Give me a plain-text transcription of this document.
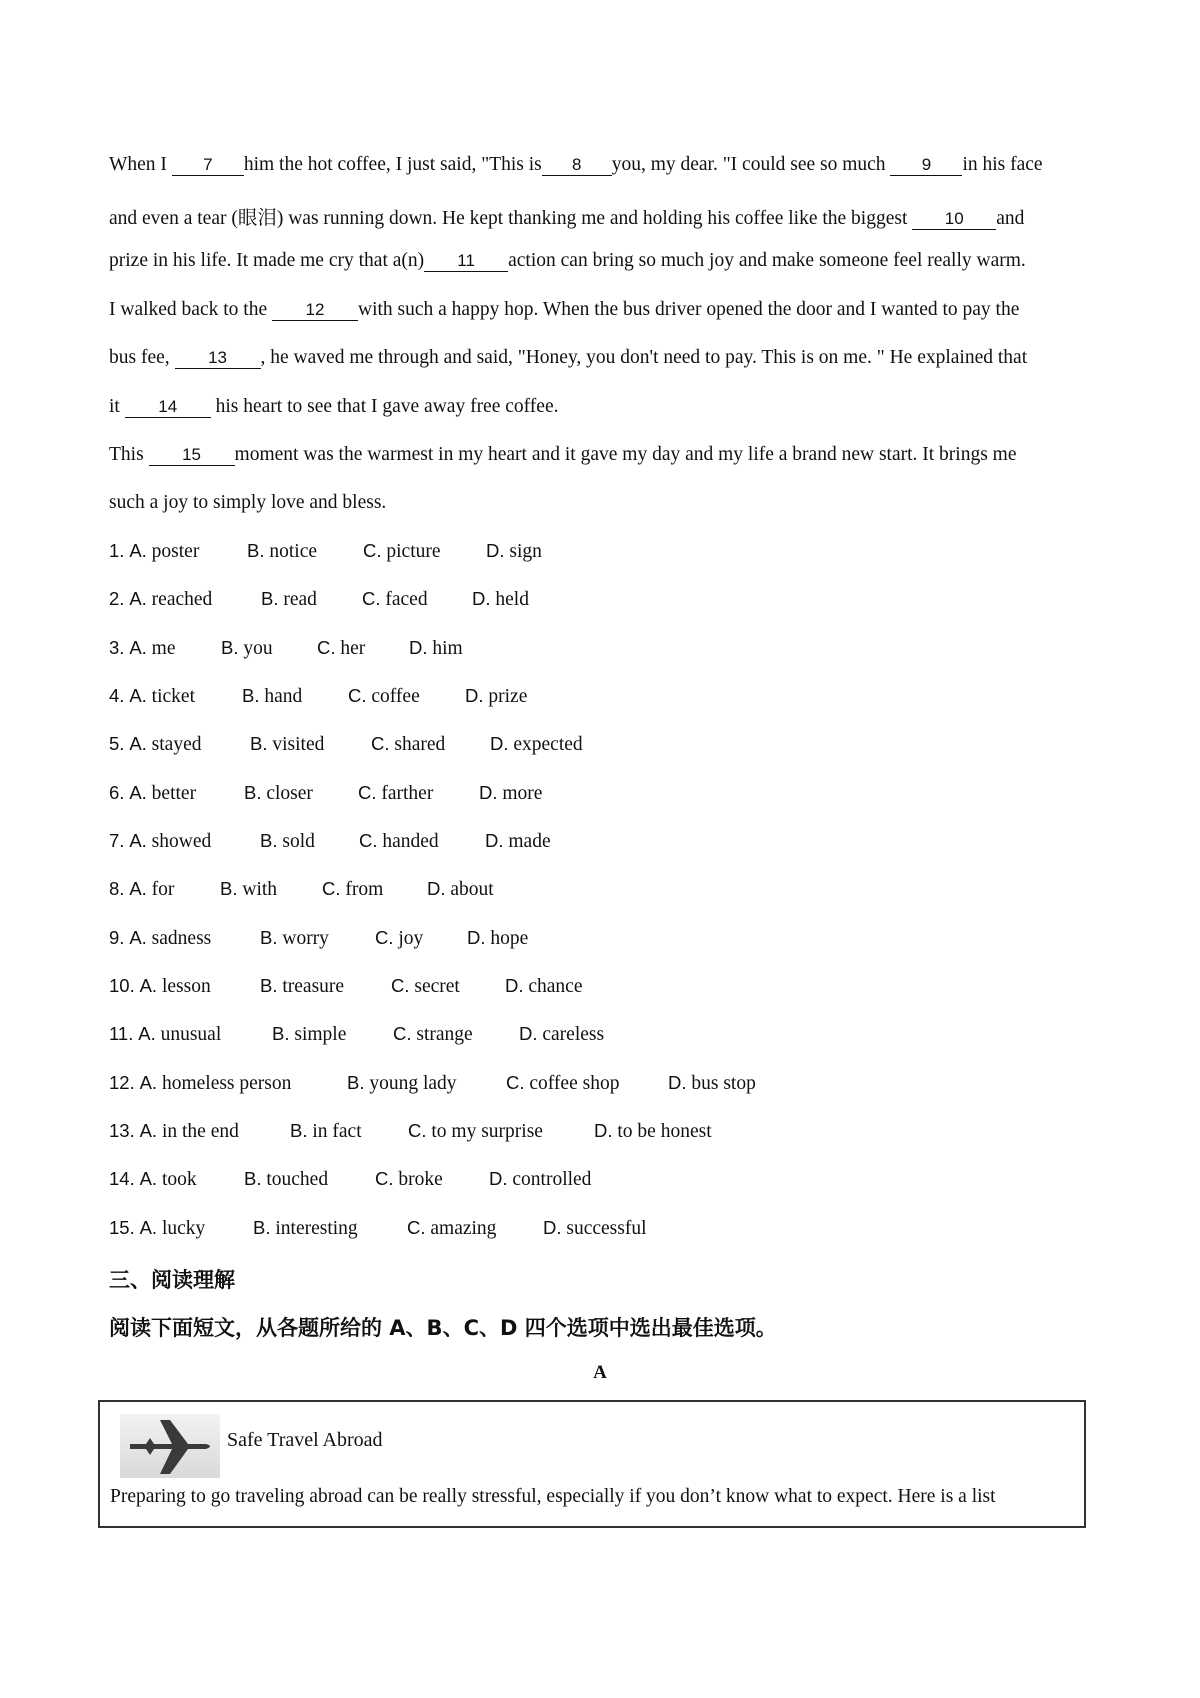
When I 7 him the hot coffee, I just said, "This is 8 you, my dear. "I could see so much 9 in his face
and even a tear (眼泪) was running down. He kept thanking me and holding his coffee like the biggest 10 and
prize in his life. It made me cry that a(n) 11 action can bring so much joy and make someone feel really warm.
I walked back to the 12 with such a happy hop. When the bus driver opened the door and I wanted to pay the
bus fee, 13 , he waved me through and said, "Honey, you don't need to pay. This is on me. " He explained that
it 14 his heart to see that I gave away free coffee.
This 15 moment was the warmest in my heart and it gave my day and my life a brand new start. It brings me
such a joy to simply love and bless.
1. A. poster	B. notice C. picture D. sign
2. A. reached	B. read C. faced D. held
3. A. me B. you C. her D. him
4. A. ticket	B. hand C. coffee D. prize
5. A. stayed	B. visited	C. shared D. expected
6. A. better	B. closer C. farther D. more
7. A. showed	B. sold C. handed	D. made
8. A. for B. with C. from D. about
9. A. sadness	B. worry C. joy D. hope
10. A. lesson	B. treasure	C. secret D. chance
11. A. unusual	B. simple	C. strange	D. careless
12. A. homeless person	B. young lady	C. coffee shop	D. bus stop
13. A. in the end	B. in fact	C. to my surprise	D. to be honest
14. A. took	B. touched	C. broke D. controlled
15. A. lucky	B. interesting	C. amazing	D. successful
三、阅读理解
阅读下面短文，从各题所给的 A、B、C、D 四个选项中选出最佳选项。
A
Safe Travel Abroad
Preparing to go traveling abroad can be really stressful, especially if you don’t know what to expect. Here is a list
